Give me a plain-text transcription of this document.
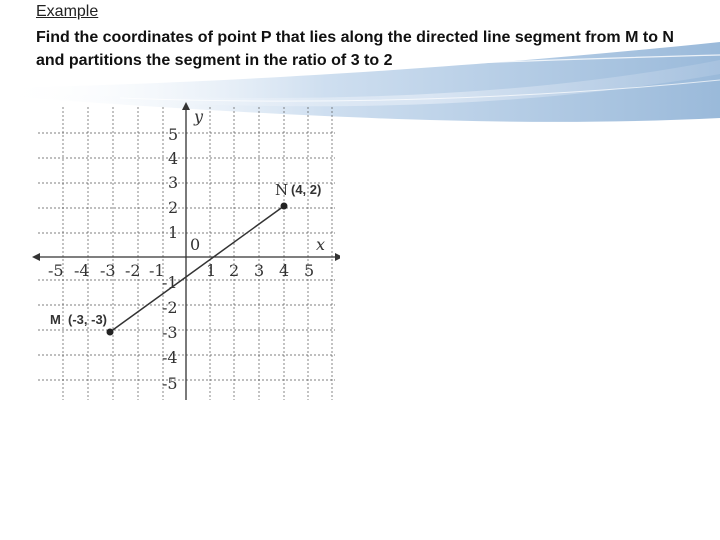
Example
Find the coordinates of point P that lies along the directed line segment from M to N and partitions the segment in the ratio of 3 to 2
y
x
0
5
4
3
2
1
-1
-2
-3
-4
-5
-5 -4 -3 -2 -1	1 2 3 4 5
N (4, 2)
M (-3, -3)
